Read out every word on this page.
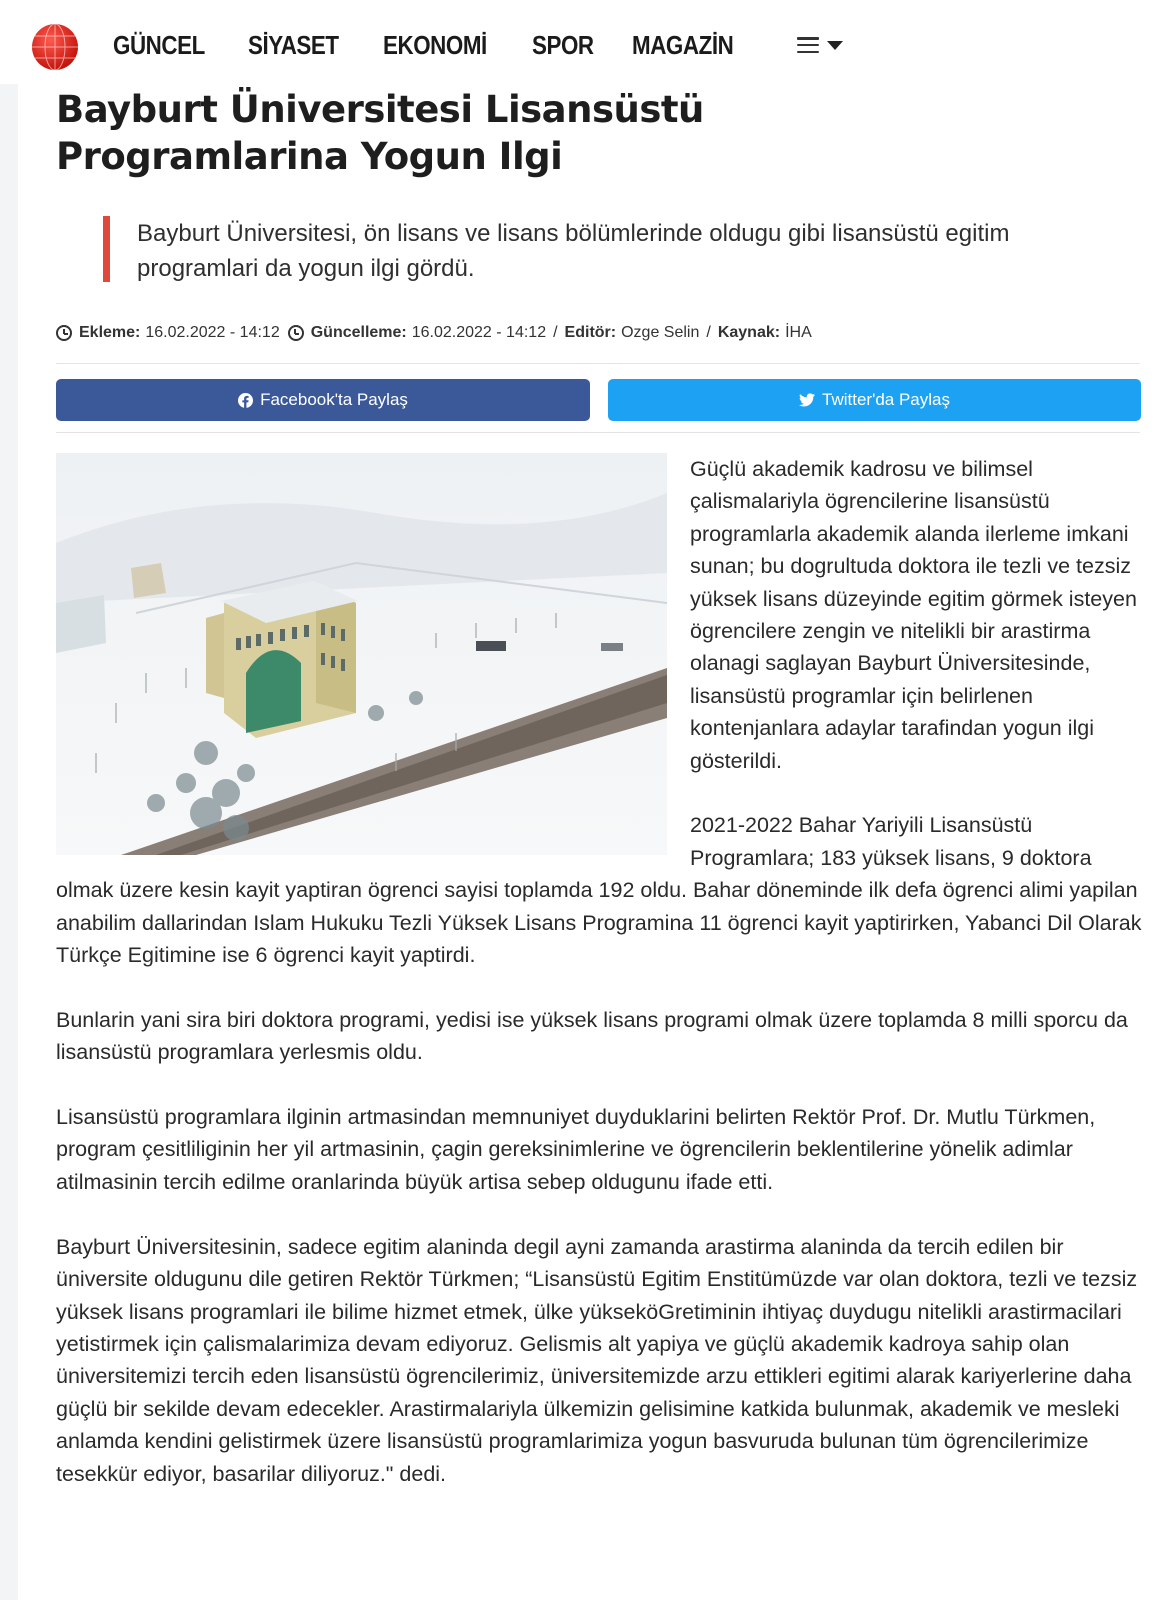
GÜNCEL SİYASET EKONOMİ SPOR MAGAZİN
Bayburt Üniversitesi Lisansüstü Programlarina Yogun Ilgi
Bayburt Üniversitesi, ön lisans ve lisans bölümlerinde oldugu gibi lisansüstü egitim programlari da yogun ilgi gördü.
Ekleme: 16.02.2022 - 14:12 Güncelleme: 16.02.2022 - 14:12 / Editör: Ozge Selin / Kaynak: İHA
Facebook'ta Paylaş	Twitter'da Paylaş

Güçlü akademik kadrosu ve bilimsel çalismalariyla ögrencilerine lisansüstü programlarla akademik alanda ilerleme imkani sunan; bu dogrultuda doktora ile tezli ve tezsiz yüksek lisans düzeyinde egitim görmek isteyen ögrencilere zengin ve nitelikli bir arastirma olanagi saglayan Bayburt Üniversitesinde, lisansüstü programlar için belirlenen kontenjanlara adaylar tarafindan yogun ilgi gösterildi.

2021-2022 Bahar Yariyili Lisansüstü Programlara; 183 yüksek lisans, 9 doktora olmak üzere kesin kayit yaptiran ögrenci sayisi toplamda 192 oldu. Bahar döneminde ilk defa ögrenci alimi yapilan anabilim dallarindan Islam Hukuku Tezli Yüksek Lisans Programina 11 ögrenci kayit yaptirirken, Yabanci Dil Olarak Türkçe Egitimine ise 6 ögrenci kayit yaptirdi.

Bunlarin yani sira biri doktora programi, yedisi ise yüksek lisans programi olmak üzere toplamda 8 milli sporcu da lisansüstü programlara yerlesmis oldu.

Lisansüstü programlara ilginin artmasindan memnuniyet duyduklarini belirten Rektör Prof. Dr. Mutlu Türkmen, program çesitliliginin her yil artmasinin, çagin gereksinimlerine ve ögrencilerin beklentilerine yönelik adimlar atilmasinin tercih edilme oranlarinda büyük artisa sebep oldugunu ifade etti.

Bayburt Üniversitesinin, sadece egitim alaninda degil ayni zamanda arastirma alaninda da tercih edilen bir üniversite oldugunu dile getiren Rektör Türkmen; “Lisansüstü Egitim Enstitümüzde var olan doktora, tezli ve tezsiz yüksek lisans programlari ile bilime hizmet etmek, ülke yükseköGretiminin ihtiyaç duydugu nitelikli arastirmacilari yetistirmek için çalismalarimiza devam ediyoruz. Gelismis alt yapiya ve güçlü akademik kadroya sahip olan üniversitemizi tercih eden lisansüstü ögrencilerimiz, üniversitemizde arzu ettikleri egitimi alarak kariyerlerine daha güçlü bir sekilde devam edecekler. Arastirmalariyla ülkemizin gelisimine katkida bulunmak, akademik ve mesleki anlamda kendini gelistirmek üzere lisansüstü programlarimiza yogun basvuruda bulunan tüm ögrencilerimize tesekkür ediyor, basarilar diliyoruz." dedi.
